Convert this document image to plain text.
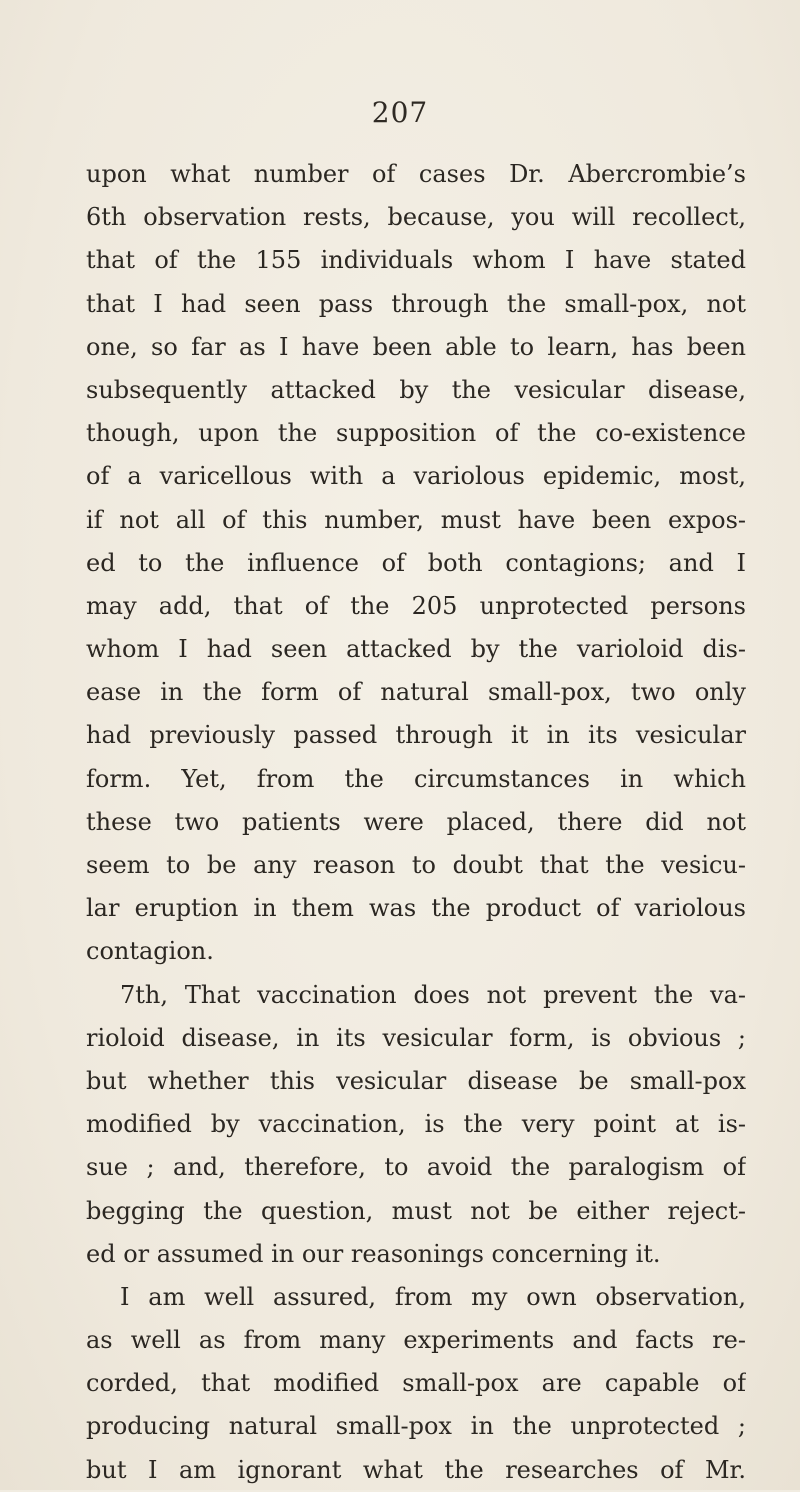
207
upon what number of cases Dr. Abercrombie’s
6th observation rests, because, you will recollect,
that of the 155 individuals whom I have stated
that I had seen pass through the small-pox, not
one, so far as I have been able to learn, has been
subsequently attacked by the vesicular disease,
though, upon the supposition of the co-existence
of a varicellous with a variolous epidemic, most,
if not all of this number, must have been expos-
ed to the influence of both contagions; and I
may add, that of the 205 unprotected persons
whom I had seen attacked by the varioloid dis-
ease in the form of natural small-pox, two only
had previously passed through it in its vesicular
form. Yet, from the circumstances in which
these two patients were placed, there did not
seem to be any reason to doubt that the vesicu-
lar eruption in them was the product of variolous
contagion.
7th, That vaccination does not prevent the va-
rioloid disease, in its vesicular form, is obvious ;
but whether this vesicular disease be small-pox
modified by vaccination, is the very point at is-
sue ; and, therefore, to avoid the paralogism of
begging the question, must not be either reject-
ed or assumed in our reasonings concerning it.
I am well assured, from my own observation,
as well as from many experiments and facts re-
corded, that modified small-pox are capable of
producing natural small-pox in the unprotected ;
but I am ignorant what the researches of Mr.
